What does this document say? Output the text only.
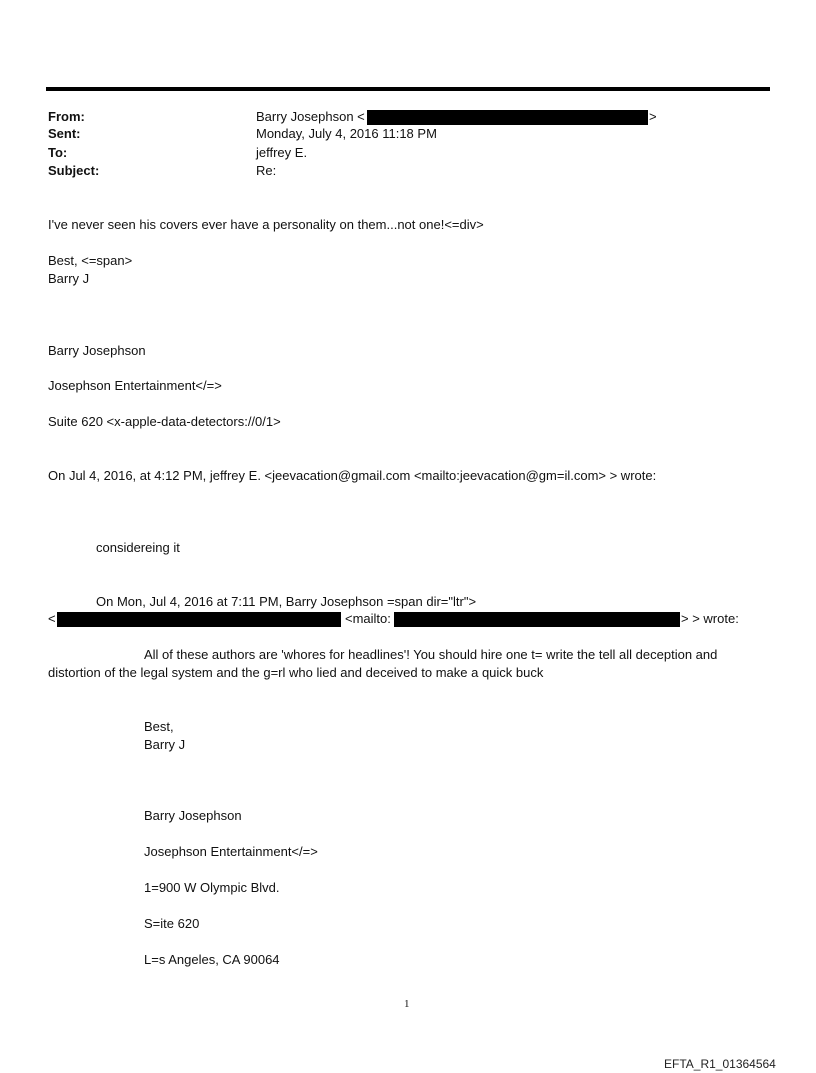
From:	Barry Josephson <	>
Sent:	Monday, July 4, 2016 11:18 PM
To:	jeffrey E.
Subject:	Re:
I've never seen his covers ever have a personality on them...not one!<=div>
Best, <=span>
Barry J
Barry Josephson
Josephson Entertainment</=>
Suite 620 <x-apple-data-detectors://0/1>
On Jul 4, 2016, at 4:12 PM, jeffrey E. <jeevacation@gmail.com <mailto:jeevacation@gm=il.com> > wrote:
considereing it
On Mon, Jul 4, 2016 at 7:11 PM, Barry Josephson =span dir="ltr">
<	<mailto:	> > wrote:
All of these authors are 'whores for headlines'! You should hire one t= write the tell all deception and
distortion of the legal system and the g=rl who lied and deceived to make a quick buck
Best,
Barry J
Barry Josephson
Josephson Entertainment</=>
1=900 W Olympic Blvd.
S=ite 620
L=s Angeles, CA 90064
1
EFTA_R1_01364564
